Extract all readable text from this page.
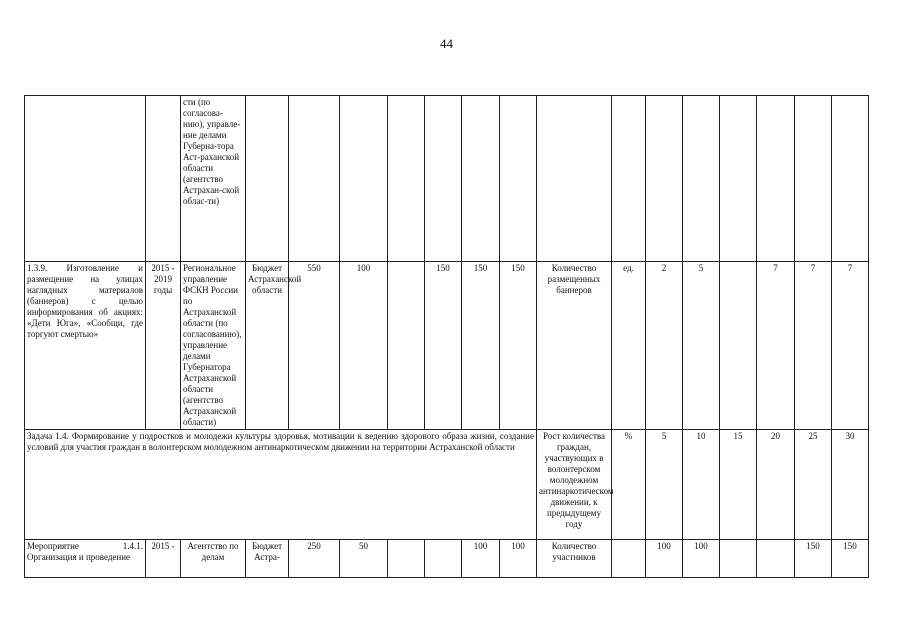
44
		сти (по согласова-нию), управле-ние делами Губерна-тора Аст-раханской области (агентство Астрахан-ской облас-ти)															
1.3.9. Изготовление и размещение на улицах наглядных материалов (баннеров) с целью информирования об акциях: «Дети Юга», «Сообщи, где торгуют смертью»	2015 - 2019 годы	Региональное управление ФСКН России по Астраханской области (по согласованию), управление делами Губернатора Астраханской области (агентство Астраханской области)	Бюджет Астраханской области	550	100		150	150	150	Количество размещенных баннеров	ед.	2	5		7	7	7
Задача 1.4. Формирование у подростков и молодежи культуры здоровья, мотивации к ведению здорового образа жизни, создание условий для участия граждан в волонтерском молодежном антинаркотическом движении на территории Астраханской области										Рост количества граждан, участвующих в волонтерском молодежном антинаркотическом движении, к предыдущему году	%	5	10	15	20	25	30
Мероприятие 1.4.1. Организация и проведение	2015 -	Агентство по делам	Бюджет Астра-	250	50			100	100	Количество участников		100	100			150	150
